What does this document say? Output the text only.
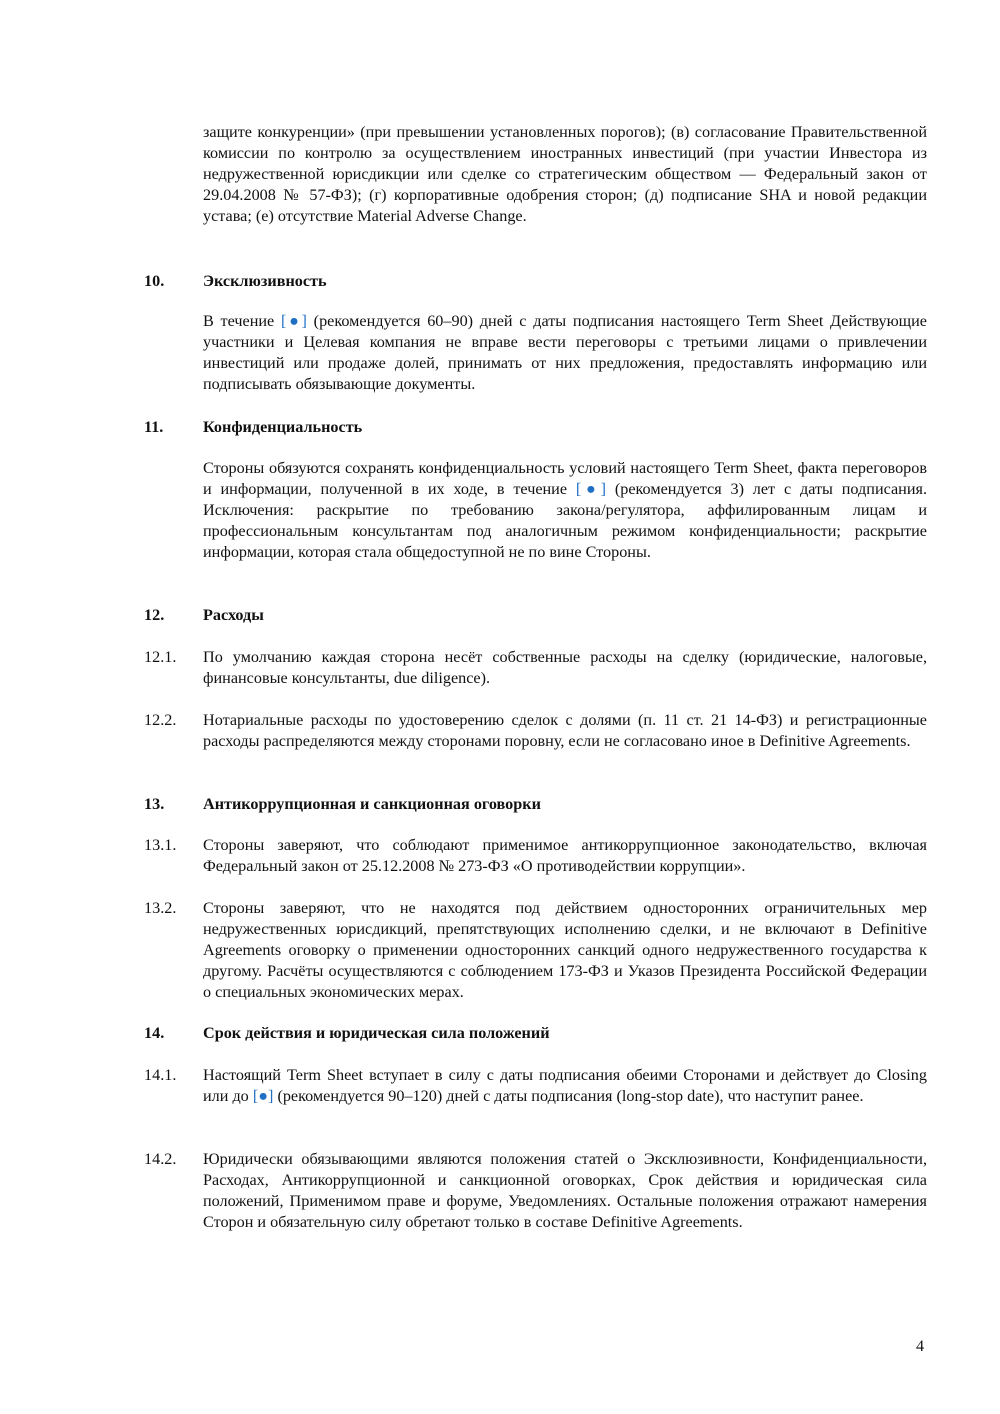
защите конкуренции» (при превышении установленных порогов); (в) согласование Правительственной комиссии по контролю за осуществлением иностранных инвестиций (при участии Инвестора из недружественной юрисдикции или сделке со стратегическим обществом — Федеральный закон от 29.04.2008 № 57-ФЗ); (г) корпоративные одобрения сторон; (д) подписание SHA и новой редакции устава; (е) отсутствие Material Adverse Change.

10. Эксклюзивность

В течение [●] (рекомендуется 60–90) дней с даты подписания настоящего Term Sheet Действующие участники и Целевая компания не вправе вести переговоры с третьими лицами о привлечении инвестиций или продаже долей, принимать от них предложения, предоставлять информацию или подписывать обязывающие документы.

11. Конфиденциальность

Стороны обязуются сохранять конфиденциальность условий настоящего Term Sheet, факта переговоров и информации, полученной в их ходе, в течение [●] (рекомендуется 3) лет с даты подписания. Исключения: раскрытие по требованию закона/регулятора, аффилированным лицам и профессиональным консультантам под аналогичным режимом конфиденциальности; раскрытие информации, которая стала общедоступной не по вине Стороны.

12. Расходы

12.1. По умолчанию каждая сторона несёт собственные расходы на сделку (юридические, налоговые, финансовые консультанты, due diligence).

12.2. Нотариальные расходы по удостоверению сделок с долями (п. 11 ст. 21 14-ФЗ) и регистрационные расходы распределяются между сторонами поровну, если не согласовано иное в Definitive Agreements.

13. Антикоррупционная и санкционная оговорки

13.1. Стороны заверяют, что соблюдают применимое антикоррупционное законодательство, включая Федеральный закон от 25.12.2008 № 273-ФЗ «О противодействии коррупции».

13.2. Стороны заверяют, что не находятся под действием односторонних ограничительных мер недружественных юрисдикций, препятствующих исполнению сделки, и не включают в Definitive Agreements оговорку о применении односторонних санкций одного недружественного государства к другому. Расчёты осуществляются с соблюдением 173-ФЗ и Указов Президента Российской Федерации о специальных экономических мерах.

14. Срок действия и юридическая сила положений

14.1. Настоящий Term Sheet вступает в силу с даты подписания обеими Сторонами и действует до Closing или до [●] (рекомендуется 90–120) дней с даты подписания (long-stop date), что наступит ранее.

14.2. Юридически обязывающими являются положения статей о Эксклюзивности, Конфиденциальности, Расходах, Антикоррупционной и санкционной оговорках, Срок действия и юридическая сила положений, Применимом праве и форуме, Уведомлениях. Остальные положения отражают намерения Сторон и обязательную силу обретают только в составе Definitive Agreements.

4
